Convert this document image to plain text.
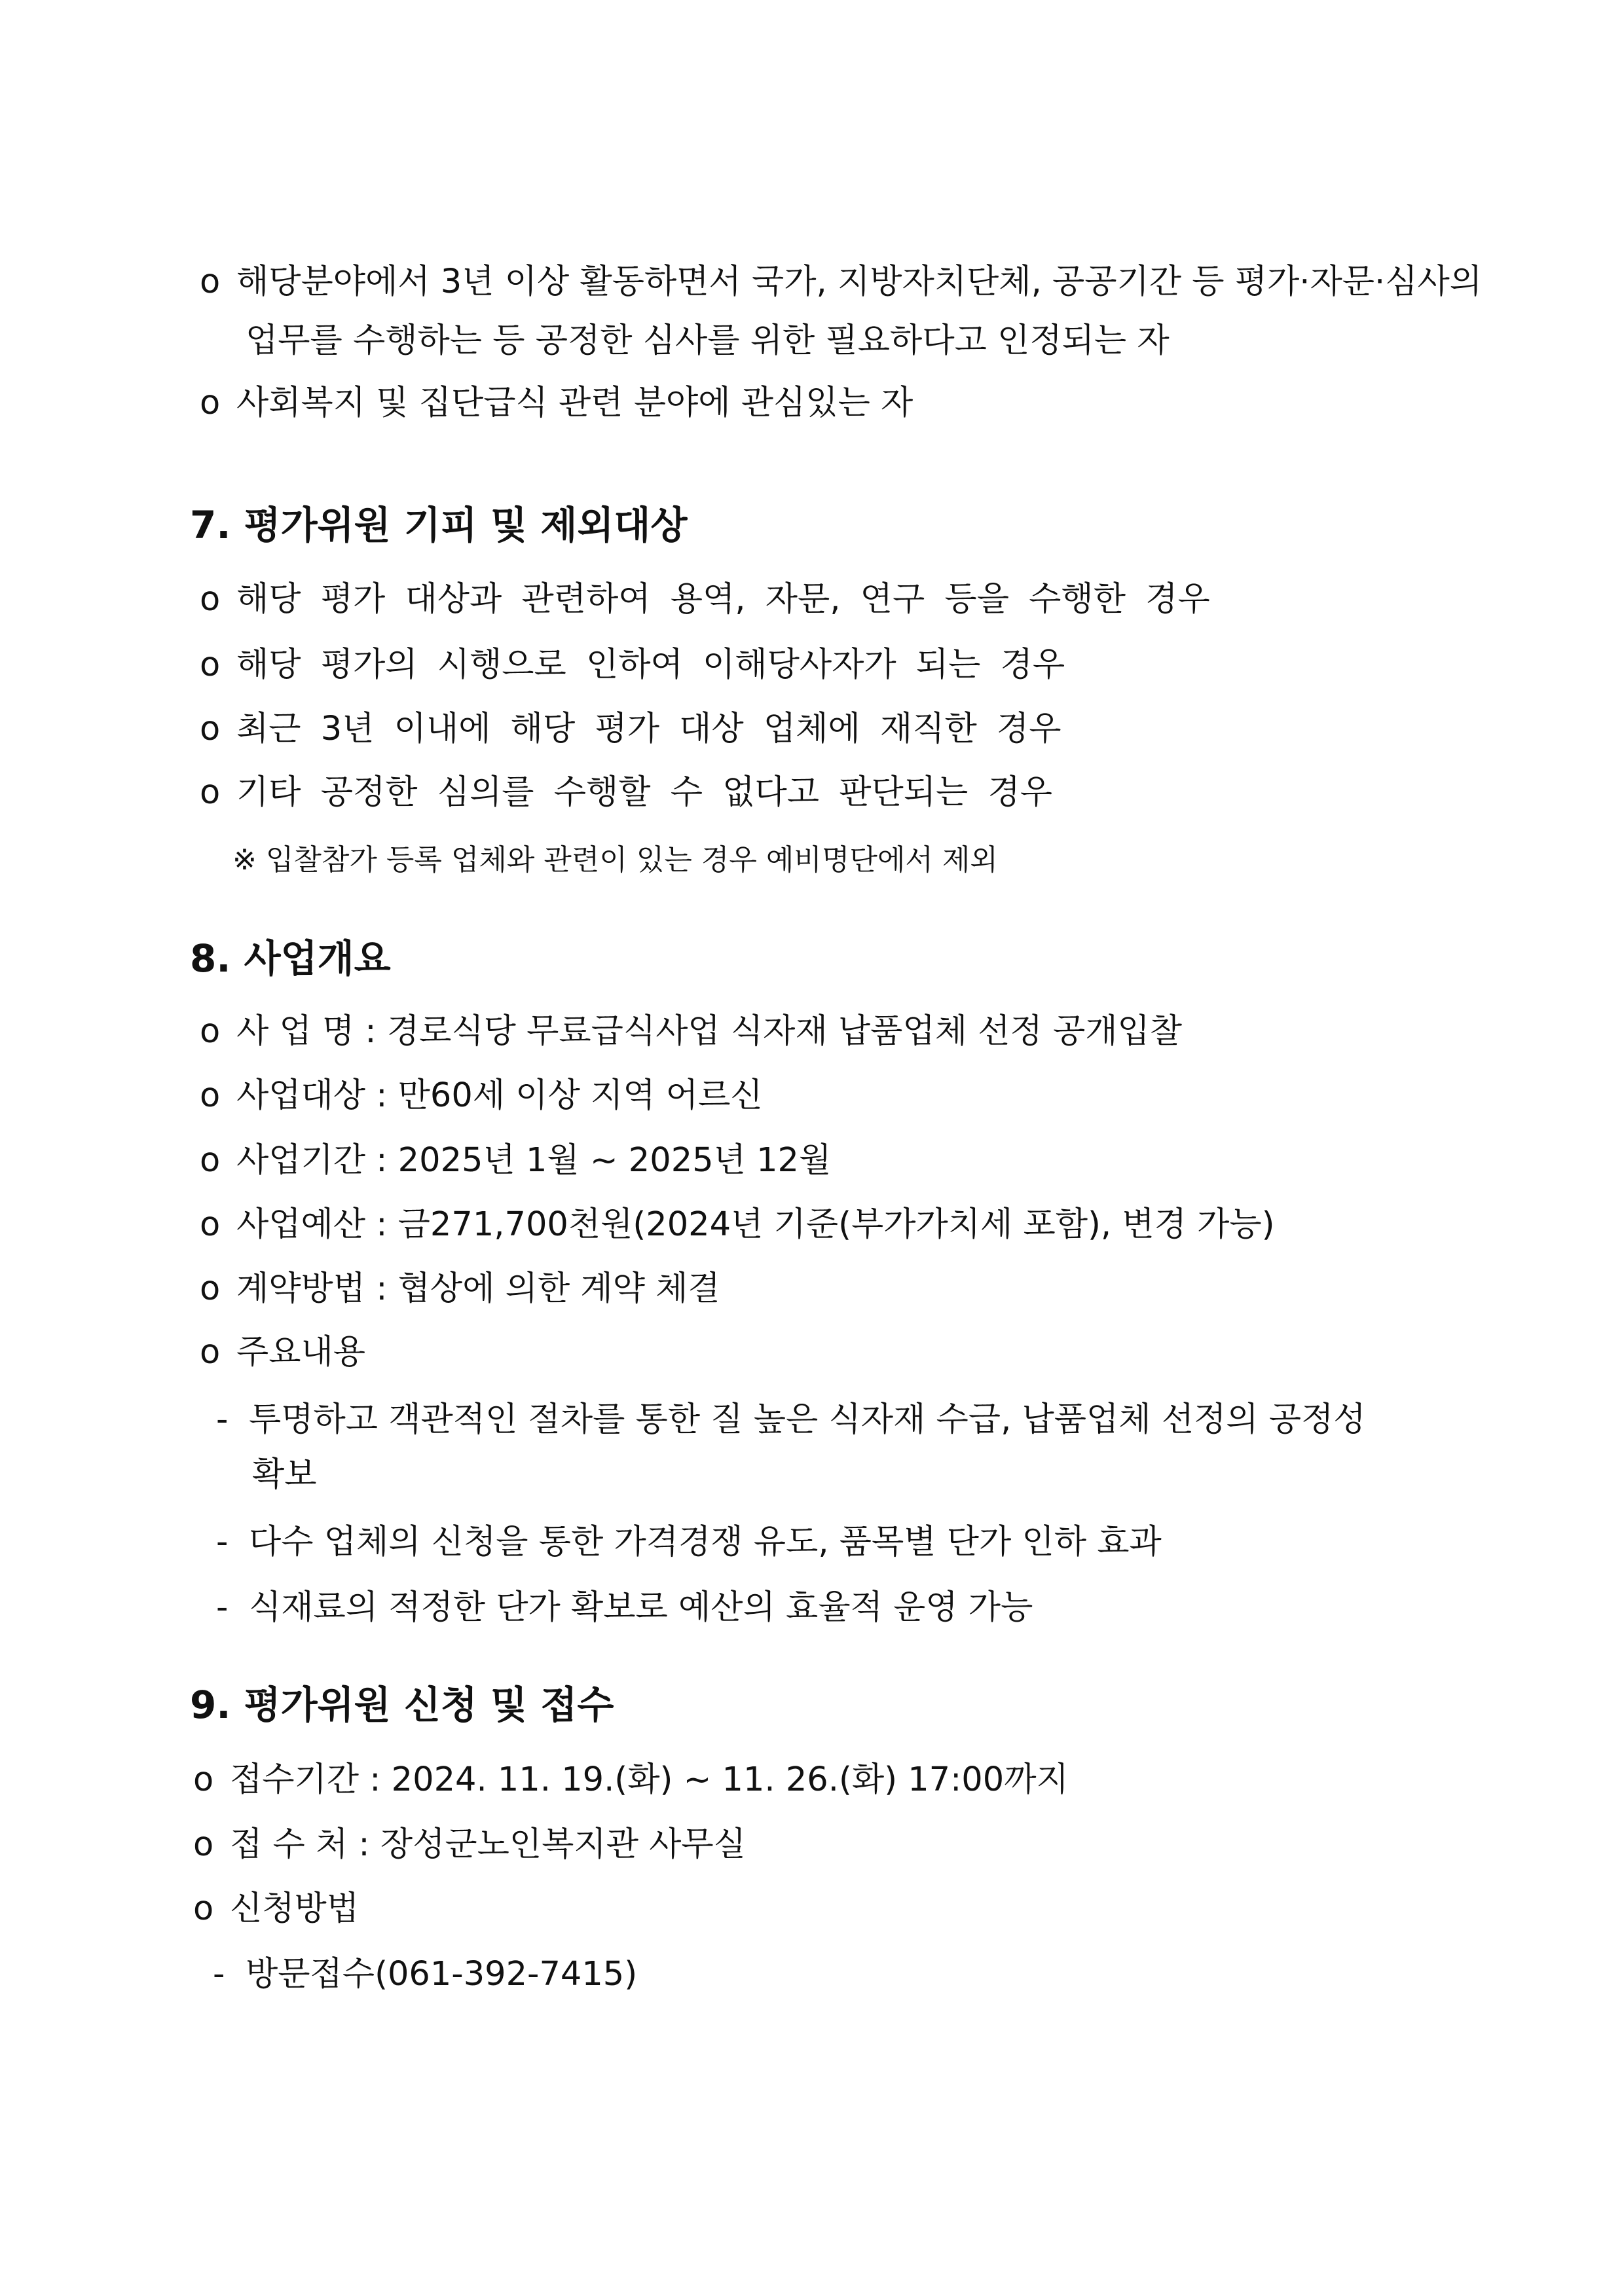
o 해당분야에서 3년 이상 활동하면서 국가, 지방자치단체, 공공기간 등 평가·자문·심사의
업무를 수행하는 등 공정한 심사를 위한 필요하다고 인정되는 자
o 사회복지 및 집단급식 관련 분야에 관심있는 자
7. 평가위원 기피 및 제외대상
o 해당 평가 대상과 관련하여 용역, 자문, 연구 등을 수행한 경우
o 해당 평가의 시행으로 인하여 이해당사자가 되는 경우
o 최근 3년 이내에 해당 평가 대상 업체에 재직한 경우
o 기타 공정한 심의를 수행할 수 없다고 판단되는 경우
※ 입찰참가 등록 업체와 관련이 있는 경우 예비명단에서 제외
8. 사업개요
o 사 업 명 : 경로식당 무료급식사업 식자재 납품업체 선정 공개입찰
o 사업대상 : 만60세 이상 지역 어르신
o 사업기간 : 2025년 1월 ~ 2025년 12월
o 사업예산 : 금271,700천원(2024년 기준(부가가치세 포함), 변경 가능)
o 계약방법 : 협상에 의한 계약 체결
o 주요내용
- 투명하고 객관적인 절차를 통한 질 높은 식자재 수급, 납품업체 선정의 공정성
확보
- 다수 업체의 신청을 통한 가격경쟁 유도, 품목별 단가 인하 효과
- 식재료의 적정한 단가 확보로 예산의 효율적 운영 가능
9. 평가위원 신청 및 접수
o 접수기간 : 2024. 11. 19.(화) ~ 11. 26.(화) 17:00까지
o 접 수 처 : 장성군노인복지관 사무실
o 신청방법
- 방문접수(061-392-7415)
